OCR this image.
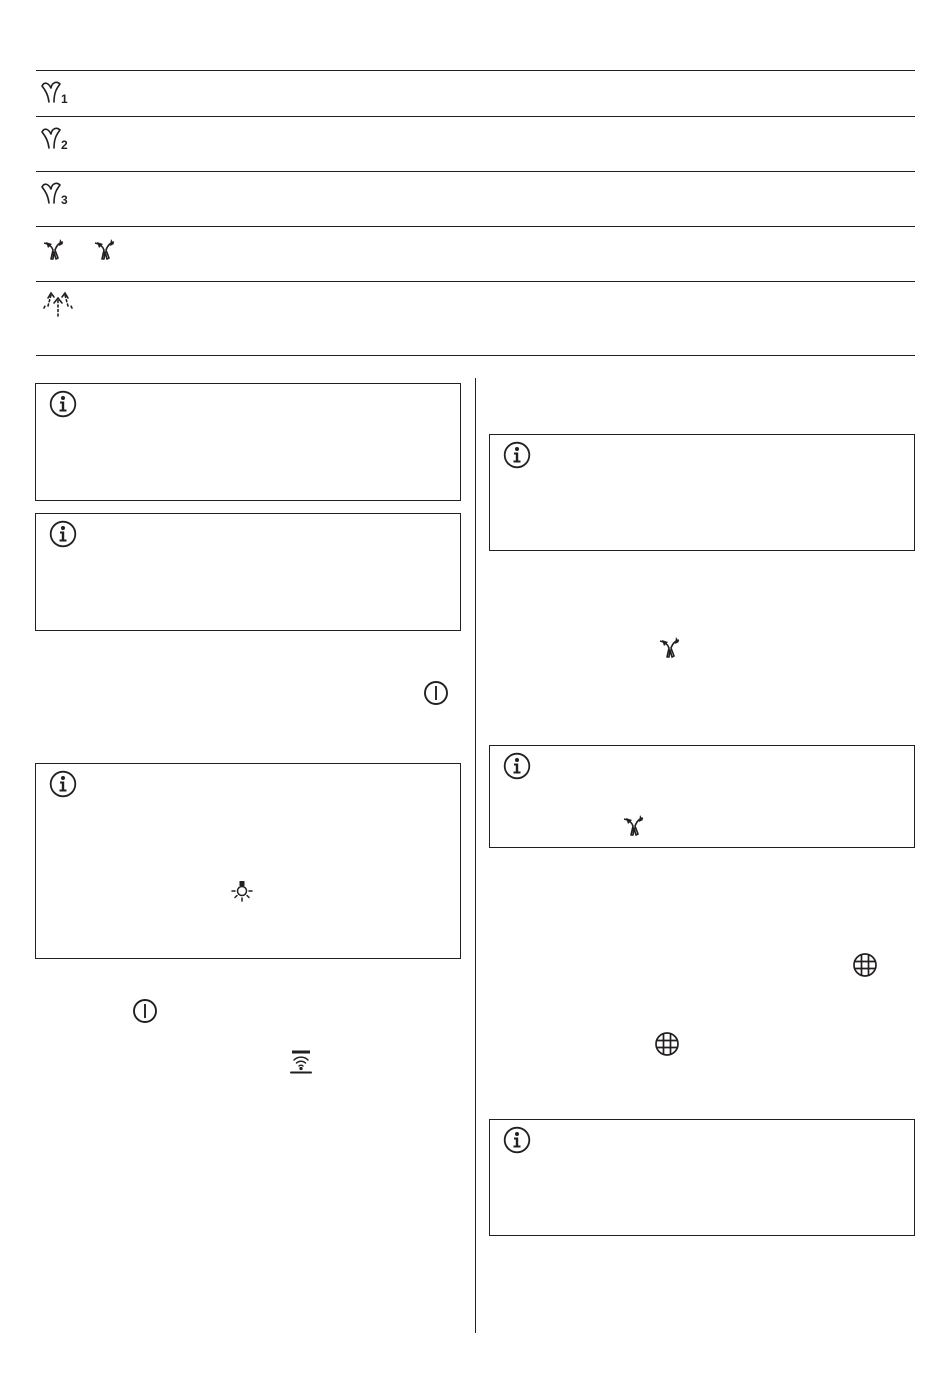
1
2
3
